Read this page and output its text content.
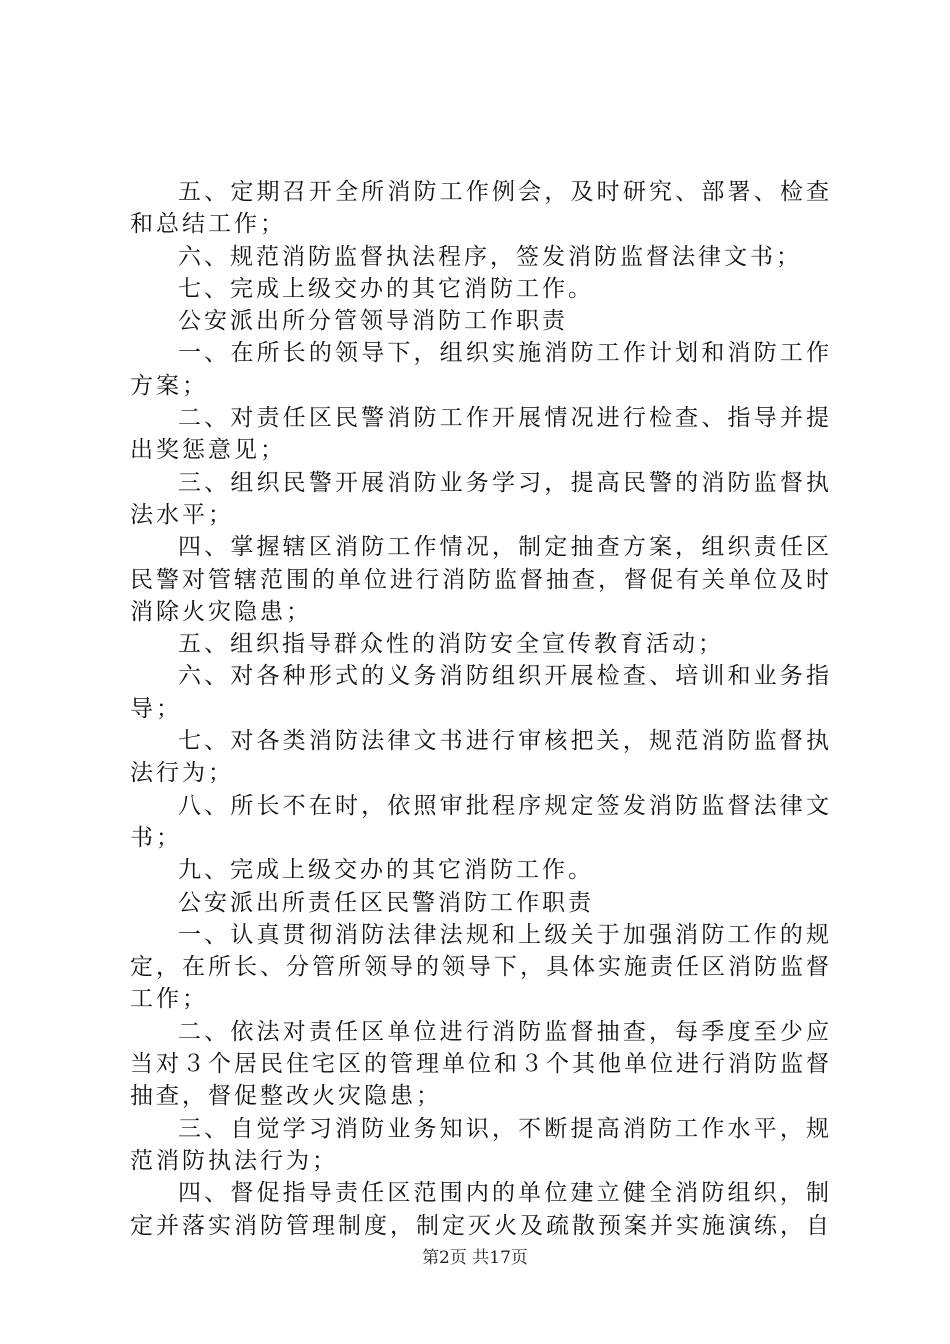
五、定期召开全所消防工作例会，及时研究、部署、检查和总结工作；

六、规范消防监督执法程序，签发消防监督法律文书；

七、完成上级交办的其它消防工作。

公安派出所分管领导消防工作职责

一、在所长的领导下，组织实施消防工作计划和消防工作方案；

二、对责任区民警消防工作开展情况进行检查、指导并提出奖惩意见；

三、组织民警开展消防业务学习，提高民警的消防监督执法水平；

四、掌握辖区消防工作情况，制定抽查方案，组织责任区民警对管辖范围的单位进行消防监督抽查，督促有关单位及时消除火灾隐患；

五、组织指导群众性的消防安全宣传教育活动；

六、对各种形式的义务消防组织开展检查、培训和业务指导；

七、对各类消防法律文书进行审核把关，规范消防监督执法行为；

八、所长不在时，依照审批程序规定签发消防监督法律文书；

九、完成上级交办的其它消防工作。

公安派出所责任区民警消防工作职责

一、认真贯彻消防法律法规和上级关于加强消防工作的规定，在所长、分管所领导的领导下，具体实施责任区消防监督工作；

二、依法对责任区单位进行消防监督抽查，每季度至少应当对３个居民住宅区的管理单位和３个其他单位进行消防监督抽查，督促整改火灾隐患；

三、自觉学习消防业务知识，不断提高消防工作水平，规范消防执法行为；

四、督促指导责任区范围内的单位建立健全消防组织，制定并落实消防管理制度，制定灭火及疏散预案并实施演练，自

第2页 共17页
